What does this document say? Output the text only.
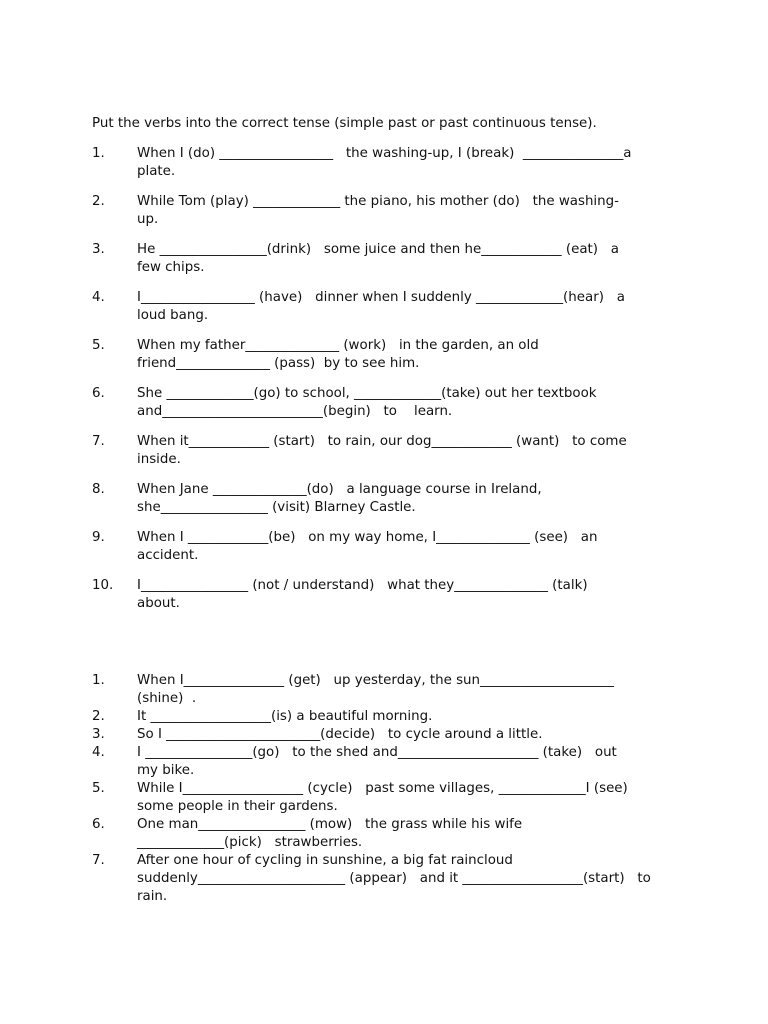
Put the verbs into the correct tense (simple past or past continuous tense).
1. When I (do) _________________   the washing-up, I (break)  _______________a
plate.
2. While Tom (play) _____________ the piano, his mother (do)   the washing-
up.
3. He ________________(drink)   some juice and then he____________ (eat)   a
few chips.
4. I_________________ (have)   dinner when I suddenly _____________(hear)   a
loud bang.
5. When my father______________ (work)   in the garden, an old
friend______________ (pass)  by to see him.
6. She _____________(go) to school, _____________(take) out her textbook
and________________________(begin)   to    learn.
7. When it____________ (start)   to rain, our dog____________ (want)   to come
inside.
8. When Jane ______________(do)   a language course in Ireland,
she________________ (visit) Blarney Castle.
9. When I ____________(be)   on my way home, I______________ (see)   an
accident.
10. I________________ (not / understand)   what they______________ (talk)
about.
1. When I_______________ (get)   up yesterday, the sun____________________
(shine)  .
2. It __________________(is) a beautiful morning.
3. So I _______________________(decide)   to cycle around a little.
4. I ________________(go)   to the shed and_____________________ (take)   out
my bike.
5. While I__________________ (cycle)   past some villages, _____________I (see)
some people in their gardens.
6. One man________________ (mow)   the grass while his wife
_____________(pick)   strawberries.
7. After one hour of cycling in sunshine, a big fat raincloud
suddenly______________________ (appear)   and it __________________(start)   to
rain.
